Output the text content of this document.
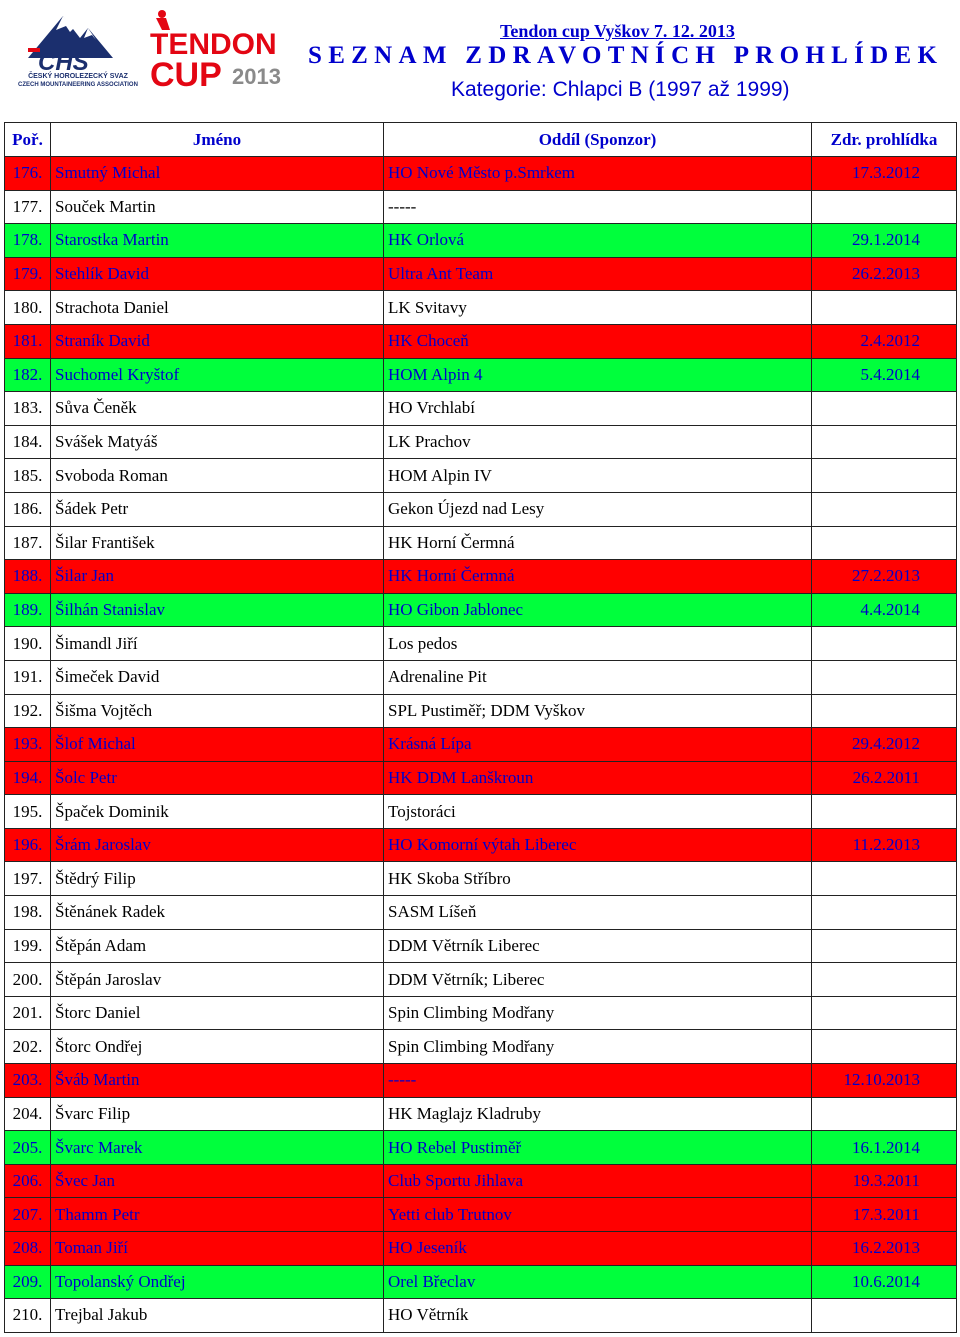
CHS
ČESKÝ HOROLEZECKÝ SVAZ
CZECH MOUNTAINEERING ASSOCIATION
TENDON
CUP 2013
Tendon cup Vyškov 7. 12. 2013
SEZNAM ZDRAVOTNÍCH PROHLÍDEK
Kategorie: Chlapci B (1997 až 1999)
Poř.	Jméno	Oddíl (Sponzor)	Zdr. prohlídka
176.	Smutný Michal	HO Nové Město p.Smrkem	17.3.2012
177.	Souček Martin	-----	
178.	Starostka Martin	HK Orlová	29.1.2014
179.	Stehlík David	Ultra Ant Team	26.2.2013
180.	Strachota Daniel	LK Svitavy	
181.	Straník David	HK Choceň	2.4.2012
182.	Suchomel Kryštof	HOM Alpin 4	5.4.2014
183.	Sůva Čeněk	HO Vrchlabí	
184.	Svášek Matyáš	LK Prachov	
185.	Svoboda Roman	HOM Alpin IV	
186.	Šádek Petr	Gekon Újezd nad Lesy	
187.	Šilar František	HK Horní Čermná	
188.	Šilar Jan	HK Horní Čermná	27.2.2013
189.	Šilhán Stanislav	HO Gibon Jablonec	4.4.2014
190.	Šimandl Jiří	Los pedos	
191.	Šimeček David	Adrenaline Pit	
192.	Šišma Vojtěch	SPL Pustiměř; DDM Vyškov	
193.	Šlof Michal	Krásná Lípa	29.4.2012
194.	Šolc Petr	HK DDM Lanškroun	26.2.2011
195.	Špaček Dominik	Tojstoráci	
196.	Šrám Jaroslav	HO Komorní výtah Liberec	11.2.2013
197.	Štědrý Filip	HK Skoba Stříbro	
198.	Štěnánek Radek	SASM Líšeň	
199.	Štěpán Adam	DDM Větrník Liberec	
200.	Štěpán Jaroslav	DDM Větrník; Liberec	
201.	Štorc Daniel	Spin Climbing Modřany	
202.	Štorc Ondřej	Spin Climbing Modřany	
203.	Šváb Martin	-----	12.10.2013
204.	Švarc Filip	HK Maglajz Kladruby	
205.	Švarc Marek	HO Rebel Pustiměř	16.1.2014
206.	Švec Jan	Club Sportu Jihlava	19.3.2011
207.	Thamm Petr	Yetti club Trutnov	17.3.2011
208.	Toman Jiří	HO Jeseník	16.2.2013
209.	Topolanský Ondřej	Orel Břeclav	10.6.2014
210.	Trejbal Jakub	HO Větrník	
